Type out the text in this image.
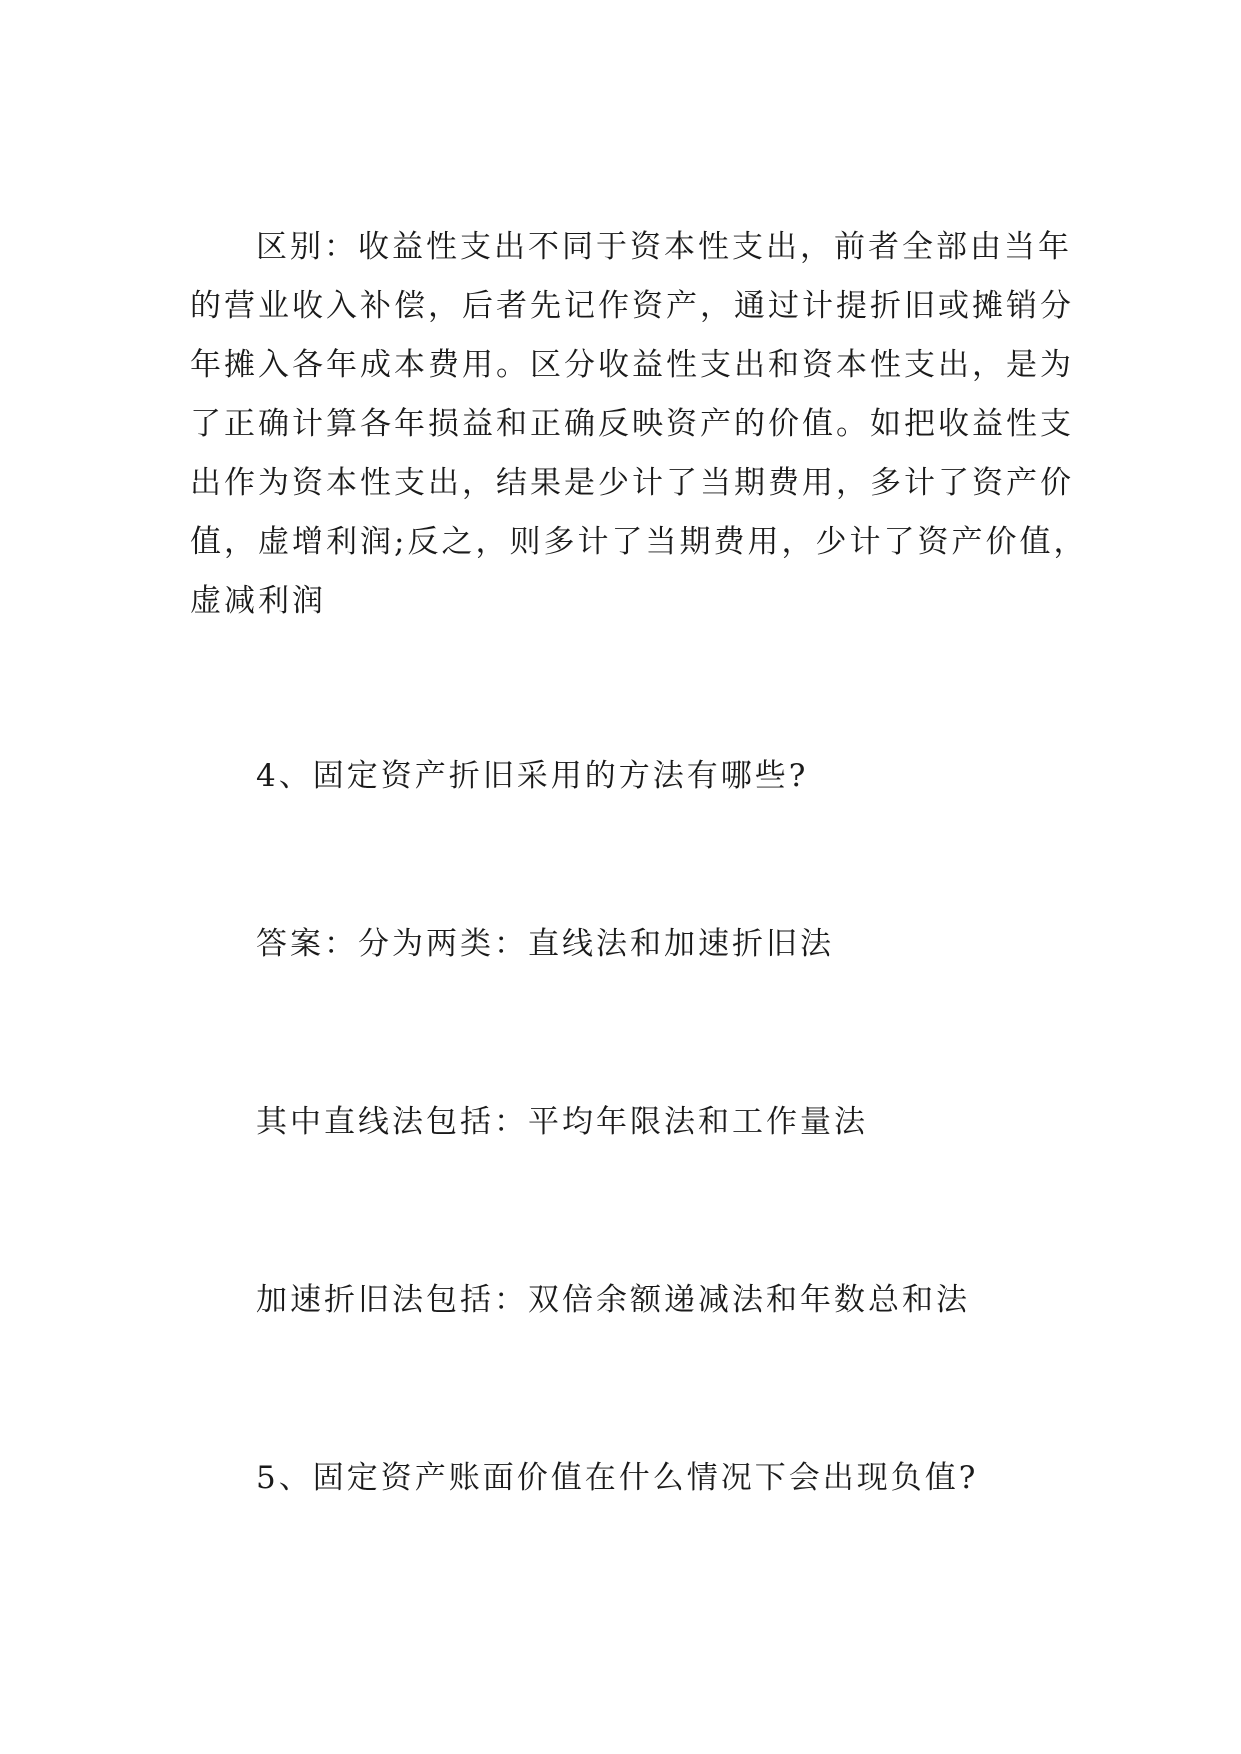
区别：收益性支出不同于资本性支出，前者全部由当年
的营业收入补偿，后者先记作资产，通过计提折旧或摊销分
年摊入各年成本费用。区分收益性支出和资本性支出，是为
了正确计算各年损益和正确反映资产的价值。如把收益性支
出作为资本性支出，结果是少计了当期费用，多计了资产价
值，虚增利润;反之，则多计了当期费用，少计了资产价值，
虚减利润

4、固定资产折旧采用的方法有哪些?

答案：分为两类：直线法和加速折旧法

其中直线法包括：平均年限法和工作量法

加速折旧法包括：双倍余额递减法和年数总和法

5、固定资产账面价值在什么情况下会出现负值?
